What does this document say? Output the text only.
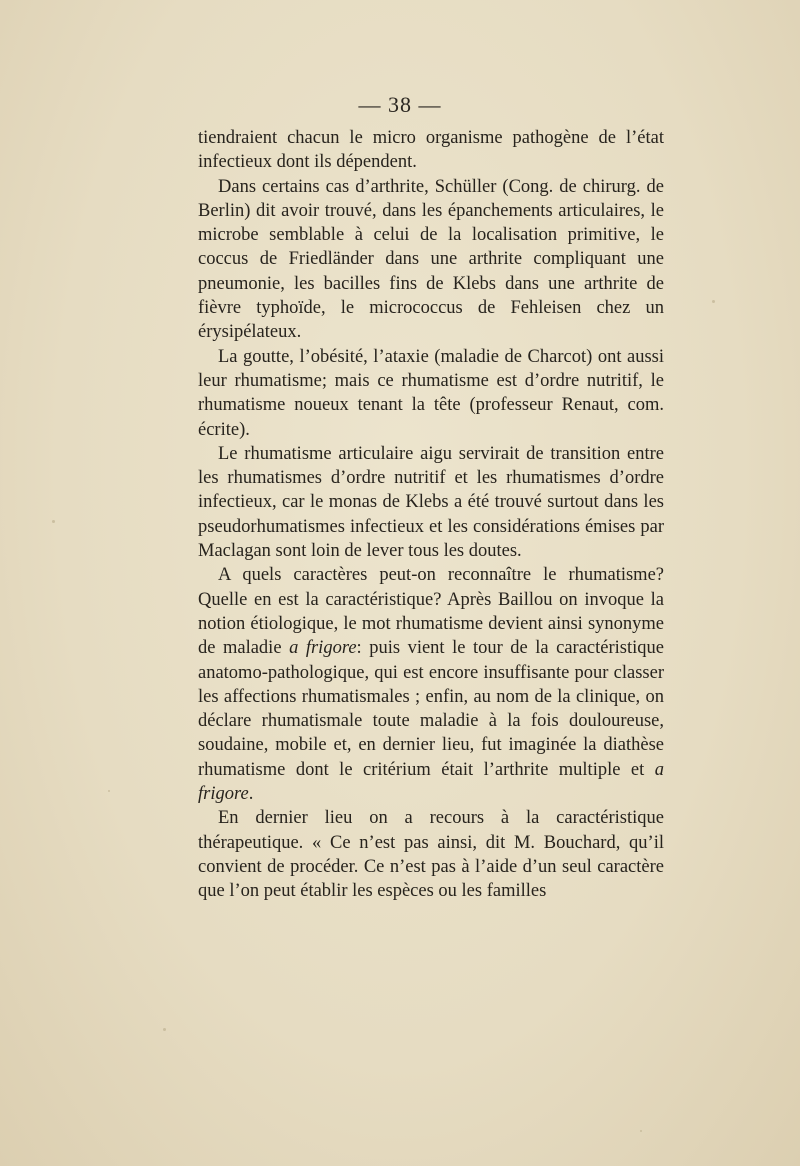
— 38 —

tiendraient chacun le micro organisme pathogène de l’état infectieux dont ils dépendent.

Dans certains cas d’arthrite, Schüller (Cong. de chirurg. de Berlin) dit avoir trouvé, dans les épanchements articulaires, le microbe semblable à celui de la localisation primitive, le coccus de Friedländer dans une arthrite compliquant une pneumonie, les bacilles fins de Klebs dans une arthrite de fièvre typhoïde, le micrococcus de Fehleisen chez un érysipélateux.

La goutte, l’obésité, l’ataxie (maladie de Charcot) ont aussi leur rhumatisme; mais ce rhumatisme est d’ordre nutritif, le rhumatisme noueux tenant la tête (professeur Renaut, com. écrite).

Le rhumatisme articulaire aigu servirait de transition entre les rhumatismes d’ordre nutritif et les rhumatismes d’ordre infectieux, car le monas de Klebs a été trouvé surtout dans les pseudorhumatismes infectieux et les considérations émises par Maclagan sont loin de lever tous les doutes.

A quels caractères peut-on reconnaître le rhumatisme? Quelle en est la caractéristique? Après Baillou on invoque la notion étiologique, le mot rhumatisme devient ainsi synonyme de maladie a frigore: puis vient le tour de la caractéristique anatomo-pathologique, qui est encore insuffisante pour classer les affections rhumatismales ; enfin, au nom de la clinique, on déclare rhumatismale toute maladie à la fois douloureuse, soudaine, mobile et, en dernier lieu, fut imaginée la diathèse rhumatisme dont le critérium était l’arthrite multiple et a frigore.

En dernier lieu on a recours à la caractéristique thérapeutique. « Ce n’est pas ainsi, dit M. Bouchard, qu’il convient de procéder. Ce n’est pas à l’aide d’un seul caractère que l’on peut établir les espèces ou les familles
